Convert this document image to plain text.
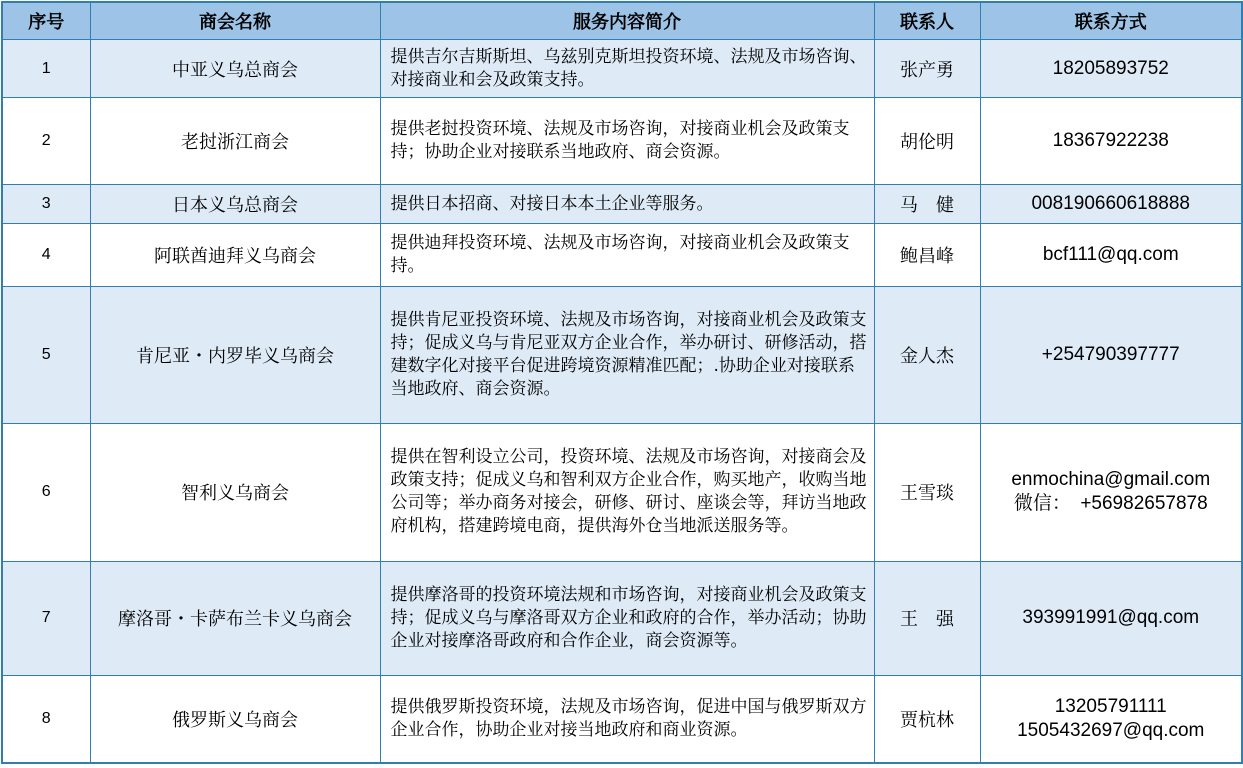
序号	商会名称	服务内容简介	联系人	联系方式
1	中亚义乌总商会	提供吉尔吉斯斯坦、乌兹别克斯坦投资环境、法规及市场咨询、对接商业和会及政策支持。	张产勇	18205893752

2	老挝浙江商会	提供老挝投资环境、法规及市场咨询，对接商业机会及政策支持；协助企业对接联系当地政府、商会资源。	胡伦明	18367922238

3	日本义乌总商会	提供日本招商、对接日本本土企业等服务。	马　健	008190660618888

4	阿联酋迪拜义乌商会	提供迪拜投资环境、法规及市场咨询，对接商业机会及政策支持。	鲍昌峰	bcf111@qq.com

5	肯尼亚・内罗毕义乌商会	提供肯尼亚投资环境、法规及市场咨询，对接商业机会及政策支持；促成义乌与肯尼亚双方企业合作，举办研讨、研修活动，搭建数字化对接平台促进跨境资源精准匹配；.协助企业对接联系当地政府、商会资源。	金人杰	+254790397777

6	智利义乌商会	提供在智利设立公司，投资环境、法规及市场咨询，对接商会及政策支持；促成义乌和智利双方企业合作，购买地产，收购当地公司等；举办商务对接会，研修、研讨、座谈会等，拜访当地政府机构，搭建跨境电商，提供海外仓当地派送服务等。	王雪琰	enmochina@gmail.com
微信：　+56982657878

7	摩洛哥・卡萨布兰卡义乌商会	提供摩洛哥的投资环境法规和市场咨询，对接商业机会及政策支持；促成义乌与摩洛哥双方企业和政府的合作，举办活动；协助企业对接摩洛哥政府和合作企业，商会资源等。	王　强	393991991@qq.com

8	俄罗斯义乌商会	提供俄罗斯投资环境，法规及市场咨询，促进中国与俄罗斯双方企业合作，协助企业对接当地政府和商业资源。	贾杭林	13205791111
1505432697@qq.com
